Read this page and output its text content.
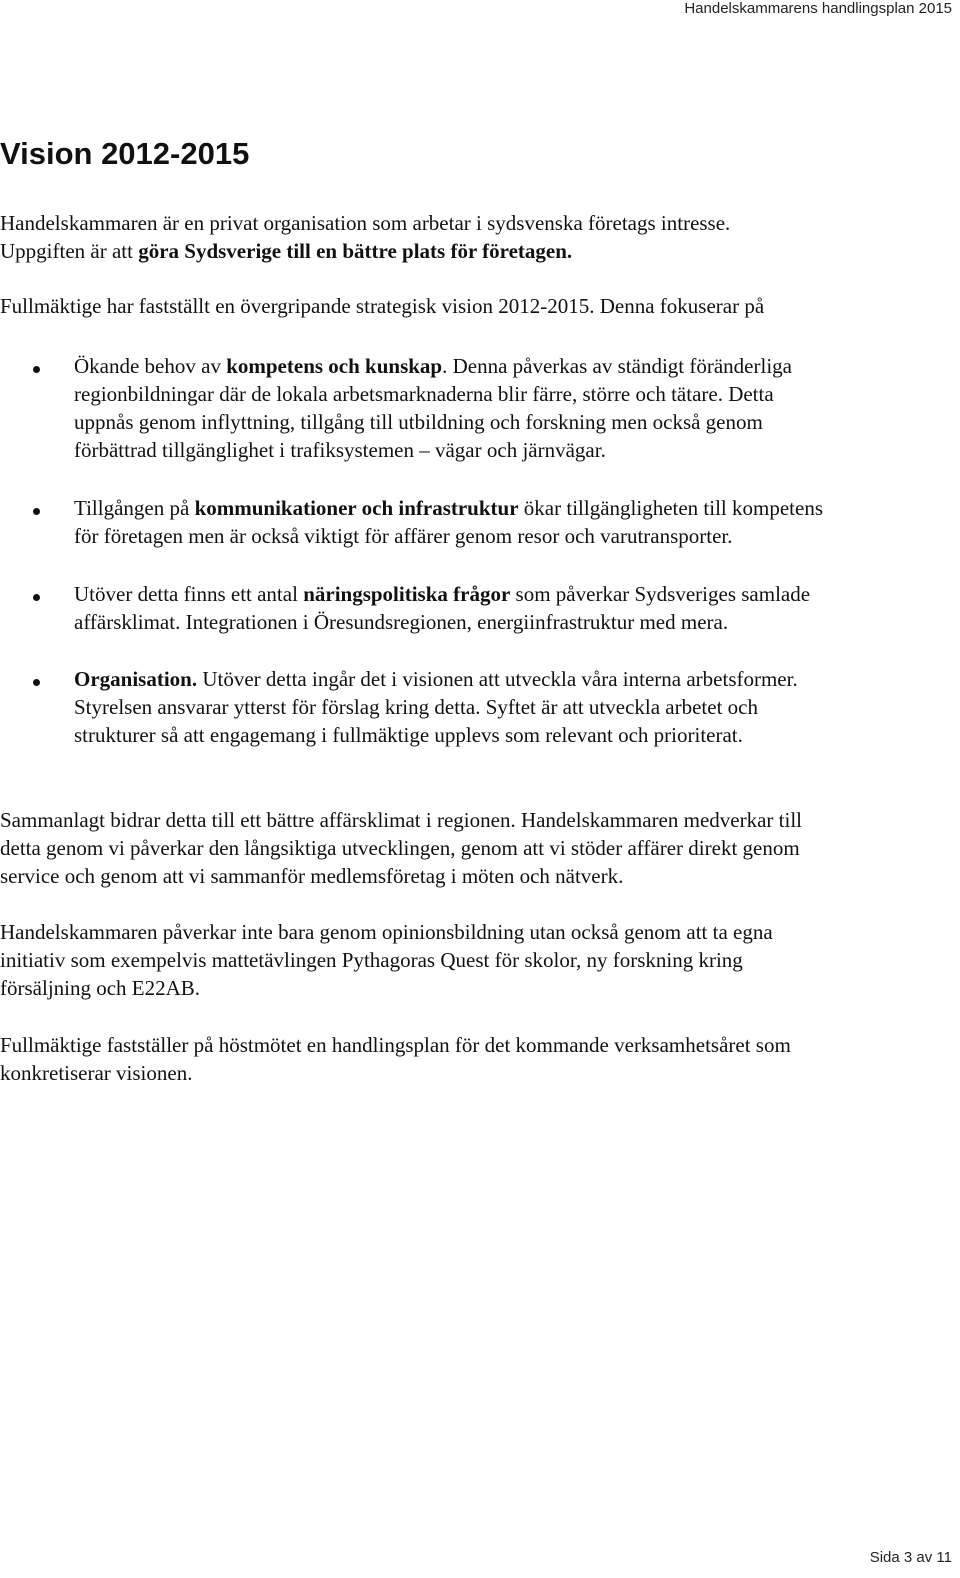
Handelskammarens handlingsplan 2015
Vision 2012-2015

Handelskammaren är en privat organisation som arbetar i sydsvenska företags intresse.
Uppgiften är att göra Sydsverige till en bättre plats för företagen.

Fullmäktige har fastställt en övergripande strategisk vision 2012-2015. Denna fokuserar på

Ökande behov av kompetens och kunskap. Denna påverkas av ständigt föränderliga
regionbildningar där de lokala arbetsmarknaderna blir färre, större och tätare. Detta
uppnås genom inflyttning, tillgång till utbildning och forskning men också genom
förbättrad tillgänglighet i trafiksystemen – vägar och järnvägar.

Tillgången på kommunikationer och infrastruktur ökar tillgängligheten till kompetens
för företagen men är också viktigt för affärer genom resor och varutransporter.

Utöver detta finns ett antal näringspolitiska frågor som påverkar Sydsveriges samlade
affärsklimat. Integrationen i Öresundsregionen, energiinfrastruktur med mera.

Organisation. Utöver detta ingår det i visionen att utveckla våra interna arbetsformer.
Styrelsen ansvarar ytterst för förslag kring detta. Syftet är att utveckla arbetet och
strukturer så att engagemang i fullmäktige upplevs som relevant och prioriterat.

Sammanlagt bidrar detta till ett bättre affärsklimat i regionen. Handelskammaren medverkar till
detta genom vi påverkar den långsiktiga utvecklingen, genom att vi stöder affärer direkt genom
service och genom att vi sammanför medlemsföretag i möten och nätverk.

Handelskammaren påverkar inte bara genom opinionsbildning utan också genom att ta egna
initiativ som exempelvis mattetävlingen Pythagoras Quest för skolor, ny forskning kring
försäljning och E22AB.

Fullmäktige fastställer på höstmötet en handlingsplan för det kommande verksamhetsåret som
konkretiserar visionen.

Sida 3 av 11
